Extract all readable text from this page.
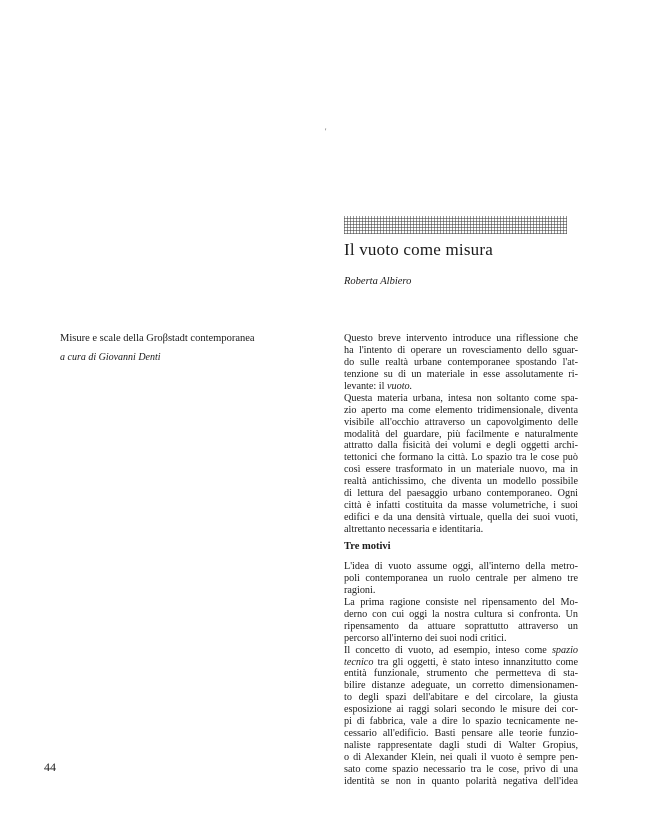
'
Il vuoto come misura
Roberta Albiero
Misure e scale della Groβstadt contemporanea
a cura di Giovanni Denti
Questo breve intervento introduce una riflessione che
ha l'intento di operare un rovesciamento dello sguar-
do sulle realtà urbane contemporanee spostando l'at-
tenzione su di un materiale in esse assolutamente ri-
levante: il vuoto.
Questa materia urbana, intesa non soltanto come spa-
zio aperto ma come elemento tridimensionale, diventa
visibile all'occhio attraverso un capovolgimento delle
modalità del guardare, più facilmente e naturalmente
attratto dalla fisicità dei volumi e degli oggetti archi-
tettonici che formano la città. Lo spazio tra le cose può
così essere trasformato in un materiale nuovo, ma in
realtà antichissimo, che diventa un modello possibile
di lettura del paesaggio urbano contemporaneo. Ogni
città è infatti costituita da masse volumetriche, i suoi
edifici e da una densità virtuale, quella dei suoi vuoti,
altrettanto necessaria e identitaria.
Tre motivi
L'idea di vuoto assume oggi, all'interno della metro-
poli contemporanea un ruolo centrale per almeno tre
ragioni.
La prima ragione consiste nel ripensamento del Mo-
derno con cui oggi la nostra cultura si confronta. Un
ripensamento da attuare soprattutto attraverso un
percorso all'interno dei suoi nodi critici.
Il concetto di vuoto, ad esempio, inteso come spazio
tecnico tra gli oggetti, è stato inteso innanzitutto come
entità funzionale, strumento che permetteva di sta-
bilire distanze adeguate, un corretto dimensionamen-
to degli spazi dell'abitare e del circolare, la giusta
esposizione ai raggi solari secondo le misure dei cor-
pi di fabbrica, vale a dire lo spazio tecnicamente ne-
cessario all'edificio. Basti pensare alle teorie funzio-
naliste rappresentate dagli studi di Walter Gropius,
o di Alexander Klein, nei quali il vuoto è sempre pen-
sato come spazio necessario tra le cose, privo di una
identità se non in quanto polarità negativa dell'idea
44
